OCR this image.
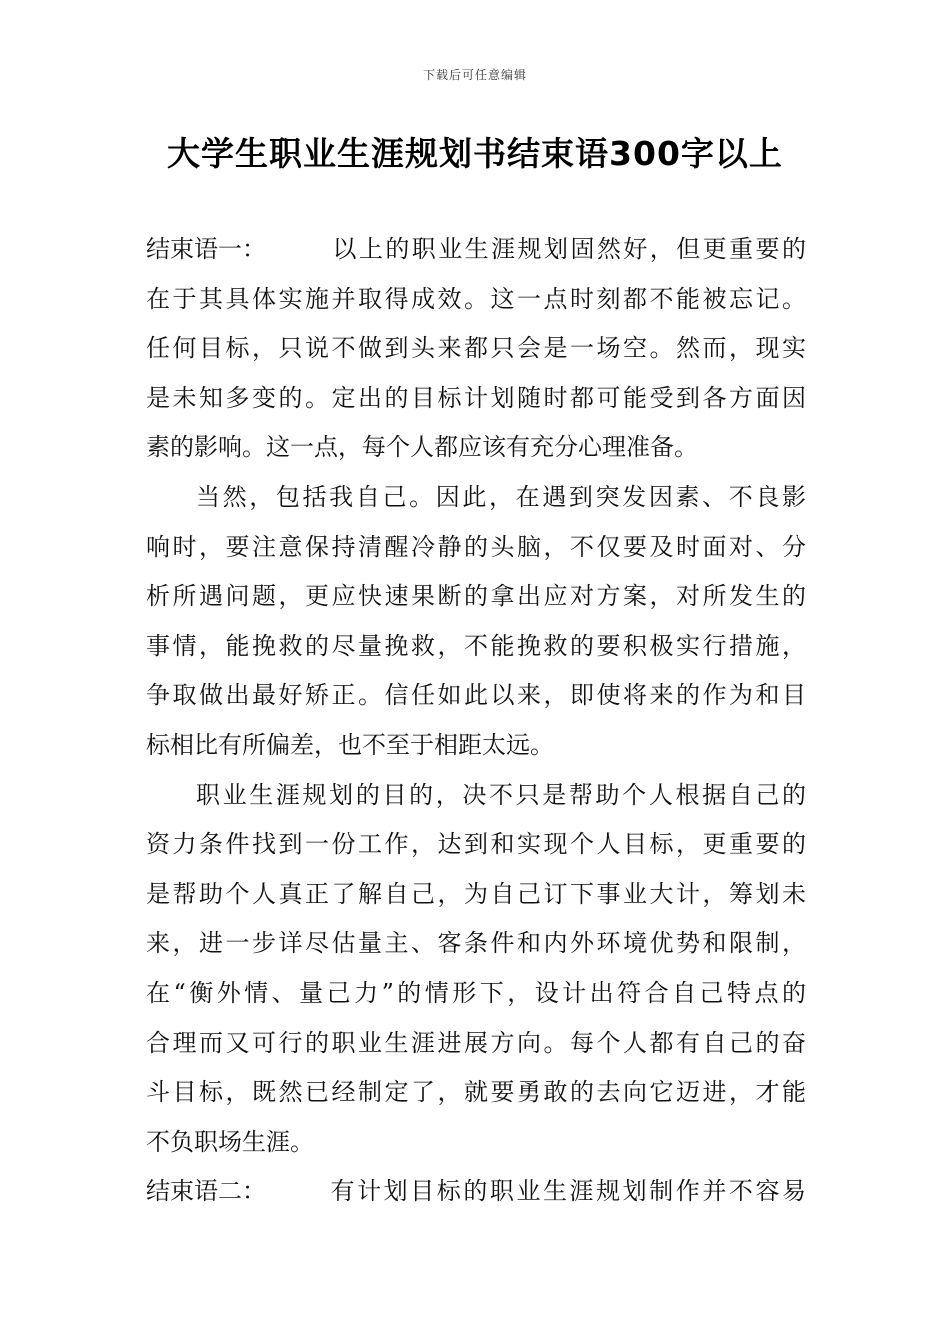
下载后可任意编辑
大学生职业生涯规划书结束语300字以上
结束语一：	以上的职业生涯规划固然好，但更重要的
在于其具体实施并取得成效。这一点时刻都不能被忘记。
任何目标，只说不做到头来都只会是一场空。然而，现实
是未知多变的。定出的目标计划随时都可能受到各方面因
素的影响。这一点，每个人都应该有充分心理准备。
当然，包括我自己。因此，在遇到突发因素、不良影
响时，要注意保持清醒冷静的头脑，不仅要及时面对、分
析所遇问题，更应快速果断的拿出应对方案，对所发生的
事情，能挽救的尽量挽救，不能挽救的要积极实行措施，
争取做出最好矫正。信任如此以来，即使将来的作为和目
标相比有所偏差，也不至于相距太远。
职业生涯规划的目的，决不只是帮助个人根据自己的
资力条件找到一份工作，达到和实现个人目标，更重要的
是帮助个人真正了解自己，为自己订下事业大计，筹划未
来，进一步详尽估量主、客条件和内外环境优势和限制，
在“衡外情、量己力”的情形下，设计出符合自己特点的
合理而又可行的职业生涯进展方向。每个人都有自己的奋
斗目标，既然已经制定了，就要勇敢的去向它迈进，才能
不负职场生涯。
结束语二：	有计划目标的职业生涯规划制作并不容易
